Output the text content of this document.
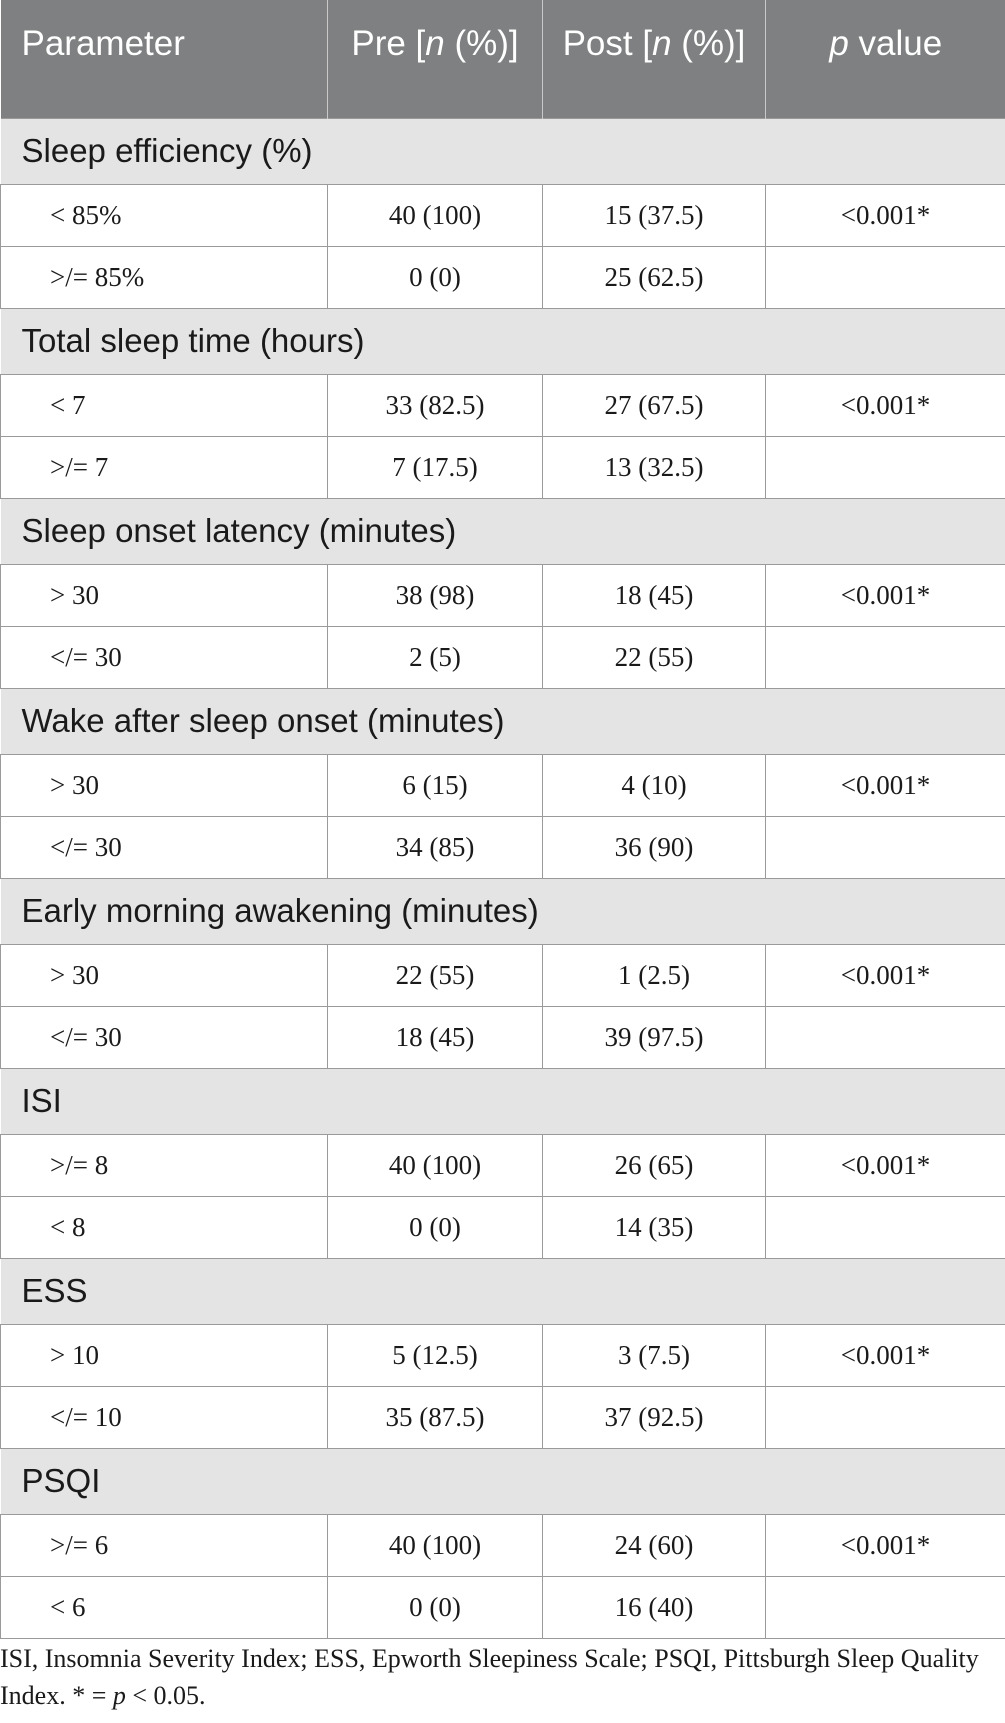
Parameter	Pre [n (%)]	Post [n (%)]	p value
Sleep efficiency (%)			
< 85%	40 (100)	15 (37.5)	<0.001*
>/= 85%	0 (0)	25 (62.5)	
Total sleep time (hours)			
< 7	33 (82.5)	27 (67.5)	<0.001*
>/= 7	7 (17.5)	13 (32.5)	
Sleep onset latency (minutes)			
> 30	38 (98)	18 (45)	<0.001*
</= 30	2 (5)	22 (55)	
Wake after sleep onset (minutes)			
> 30	6 (15)	4 (10)	<0.001*
</= 30	34 (85)	36 (90)	
Early morning awakening (minutes)			
> 30	22 (55)	1 (2.5)	<0.001*
</= 30	18 (45)	39 (97.5)	
ISI			
>/= 8	40 (100)	26 (65)	<0.001*
< 8	0 (0)	14 (35)	
ESS			
> 10	5 (12.5)	3 (7.5)	<0.001*
</= 10	35 (87.5)	37 (92.5)	
PSQI			
>/= 6	40 (100)	24 (60)	<0.001*
< 6	0 (0)	16 (40)	
ISI, Insomnia Severity Index; ESS, Epworth Sleepiness Scale; PSQI, Pittsburgh Sleep Quality Index. * = p < 0.05.
